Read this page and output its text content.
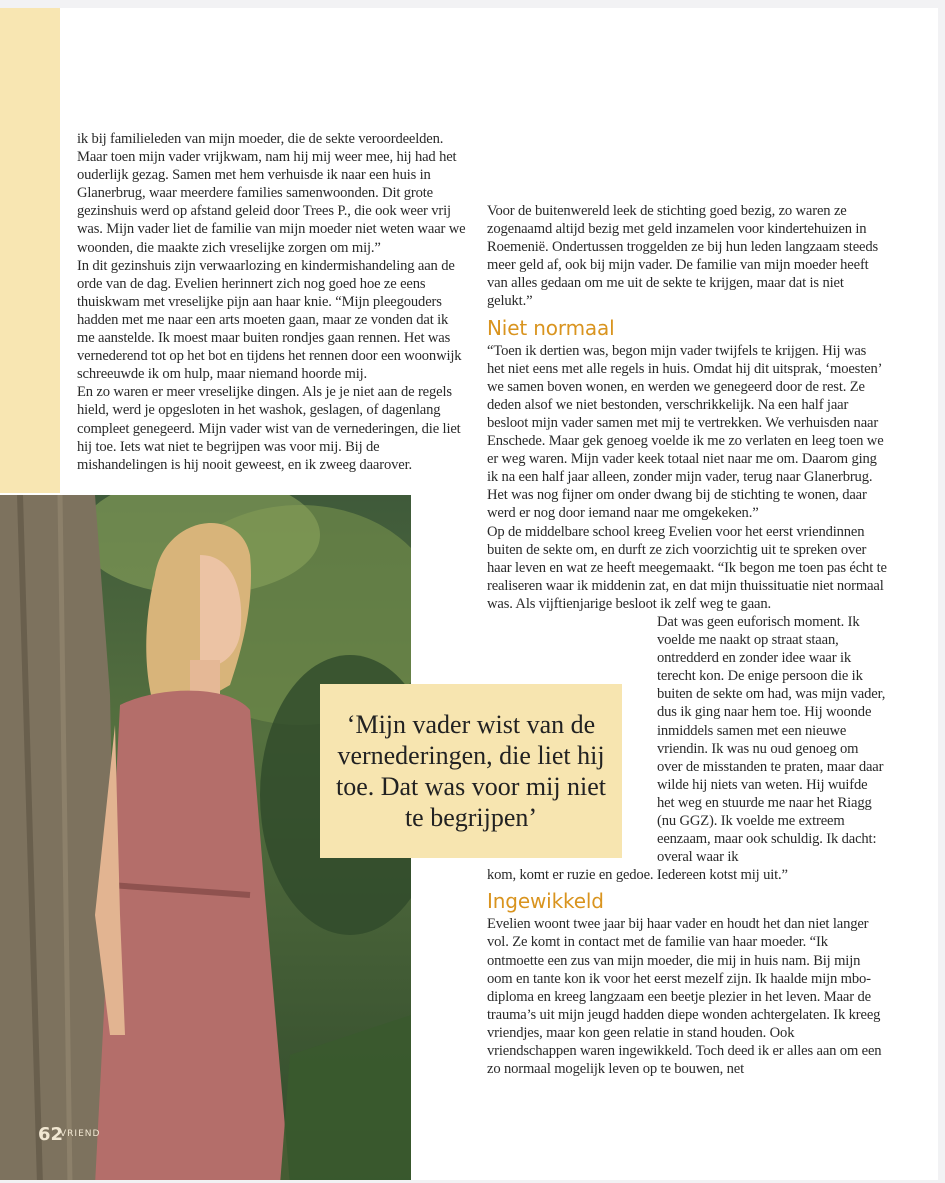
ik bij familieleden van mijn moeder, die de sekte veroordeelden. Maar toen mijn vader vrijkwam, nam hij mij weer mee, hij had het ouderlijk gezag. Samen met hem verhuisde ik naar een huis in Glanerbrug, waar meerdere families samenwoonden. Dit grote gezinshuis werd op afstand geleid door Trees P., die ook weer vrij was. Mijn vader liet de familie van mijn moeder niet weten waar we woonden, die maakte zich vreselijke zorgen om mij.”

In dit gezinshuis zijn verwaarlozing en kindermishandeling aan de orde van de dag. Evelien herinnert zich nog goed hoe ze eens thuiskwam met vreselijke pijn aan haar knie. “Mijn pleegouders hadden met me naar een arts moeten gaan, maar ze vonden dat ik me aanstelde. Ik moest maar buiten rondjes gaan rennen. Het was vernederend tot op het bot en tijdens het rennen door een woonwijk schreeuwde ik om hulp, maar niemand hoorde mij.

En zo waren er meer vreselijke dingen. Als je je niet aan de regels hield, werd je opgesloten in het washok, geslagen, of dagenlang compleet genegeerd. Mijn vader wist van de vernederingen, die liet hij toe. Iets wat niet te begrijpen was voor mij. Bij de mishandelingen is hij nooit geweest, en ik zweeg daarover.

Voor de buitenwereld leek de stichting goed bezig, zo waren ze zogenaamd altijd bezig met geld inzamelen voor kindertehuizen in Roemenië. Ondertussen troggelden ze bij hun leden langzaam steeds meer geld af, ook bij mijn vader. De familie van mijn moeder heeft van alles gedaan om me uit de sekte te krijgen, maar dat is niet gelukt.”

Niet normaal

“Toen ik dertien was, begon mijn vader twijfels te krijgen. Hij was het niet eens met alle regels in huis. Omdat hij dit uitsprak, ‘moesten’ we samen boven wonen, en werden we genegeerd door de rest. Ze deden alsof we niet bestonden, verschrikkelijk. Na een half jaar besloot mijn vader samen met mij te vertrekken. We verhuisden naar Enschede. Maar gek genoeg voelde ik me zo verlaten en leeg toen we er weg waren. Mijn vader keek totaal niet naar me om. Daarom ging ik na een half jaar alleen, zonder mijn vader, terug naar Glanerbrug. Het was nog fijner om onder dwang bij de stichting te wonen, daar werd er nog door iemand naar me omgekeken.”

Op de middelbare school kreeg Evelien voor het eerst vriendinnen buiten de sekte om, en durft ze zich voorzichtig uit te spreken over haar leven en wat ze heeft meegemaakt. “Ik begon me toen pas écht te realiseren waar ik middenin zat, en dat mijn thuissituatie niet normaal was. Als vijftienjarige besloot ik zelf weg te gaan.

Dat was geen euforisch moment. Ik voelde me naakt op straat staan, ontredderd en zonder idee waar ik terecht kon. De enige persoon die ik buiten de sekte om had, was mijn vader, dus ik ging naar hem toe. Hij woonde inmiddels samen met een nieuwe vriendin. Ik was nu oud genoeg om over de misstanden te praten, maar daar wilde hij niets van weten. Hij wuifde het weg en stuurde me naar het Riagg (nu GGZ). Ik voelde me extreem eenzaam, maar ook schuldig. Ik dacht: overal waar ik

kom, komt er ruzie en gedoe. Iedereen kotst mij uit.”

Ingewikkeld

Evelien woont twee jaar bij haar vader en houdt het dan niet langer vol. Ze komt in contact met de familie van haar moeder. “Ik ontmoette een zus van mijn moeder, die mij in huis nam. Bij mijn oom en tante kon ik voor het eerst mezelf zijn. Ik haalde mijn mbo-diploma en kreeg langzaam een beetje plezier in het leven. Maar de trauma’s uit mijn jeugd hadden diepe wonden achtergelaten. Ik kreeg vriendjes, maar kon geen relatie in stand houden. Ook vriendschappen waren ingewikkeld. Toch deed ik er alles aan om een zo normaal mogelijk leven op te bouwen, net

‘Mijn vader wist van de vernederingen, die liet hij toe. Dat was voor mij niet te begrijpen’
62
VRIEND
